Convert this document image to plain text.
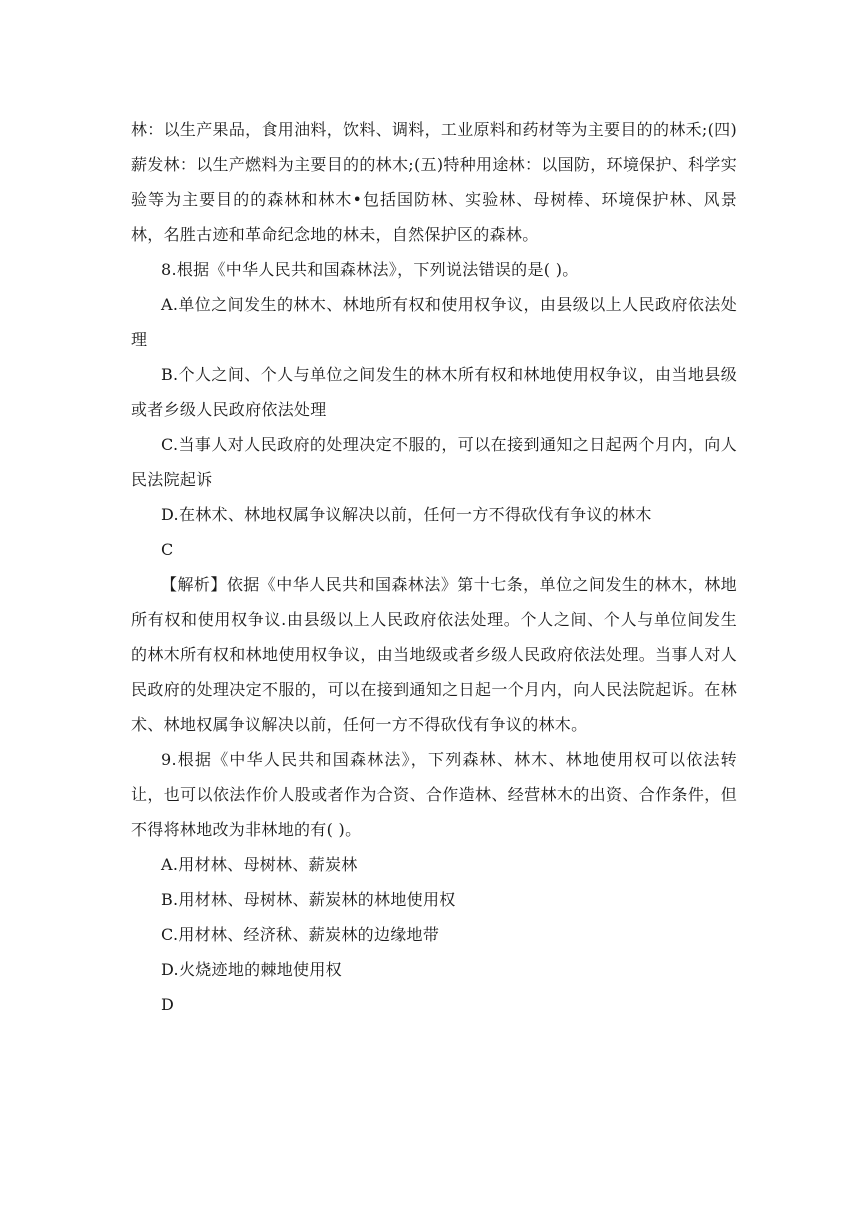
林：以生产果品，食用油料，饮料、调料，工业原料和药材等为主要目的的林禾;(四)薪发林：以生产燃料为主要目的的林木;(五)特种用途林：以国防，环境保护、科学实验等为主要目的的森林和林木•包括国防林、实验林、母树棒、环境保护林、风景林，名胜古迹和革命纪念地的林未，自然保护区的森林。

8.根据《中华人民共和国森林法》，下列说法错误的是( )。

A.单位之间发生的林木、林地所有权和使用权争议，由县级以上人民政府依法处理

B.个人之间、个人与单位之间发生的林木所有权和林地使用权争议，由当地县级或者乡级人民政府依法处理

C.当事人对人民政府的处理决定不服的，可以在接到通知之日起两个月内，向人民法院起诉

D.在林术、林地权属争议解决以前，任何一方不得砍伐有争议的林木

C

【解析】依据《中华人民共和国森林法》第十七条，单位之间发生的林木，林地所有权和使用权争议.由县级以上人民政府依法处理。个人之间、个人与单位间发生的林木所有权和林地使用权争议，由当地级或者乡级人民政府依法处理。当事人对人民政府的处理决定不服的，可以在接到通知之日起一个月内，向人民法院起诉。在林术、林地权属争议解决以前，任何一方不得砍伐有争议的林木。

9.根据《中华人民共和国森林法》，下列森林、林木、林地使用权可以依法转让，也可以依法作价人股或者作为合资、合作造林、经营林木的出资、合作条件，但不得将林地改为非林地的有( )。

A.用材林、母树林、薪炭林

B.用材林、母树林、薪炭林的林地使用权

C.用材林、经济秫、薪炭林的边缘地带

D.火烧迹地的棘地使用权

D
